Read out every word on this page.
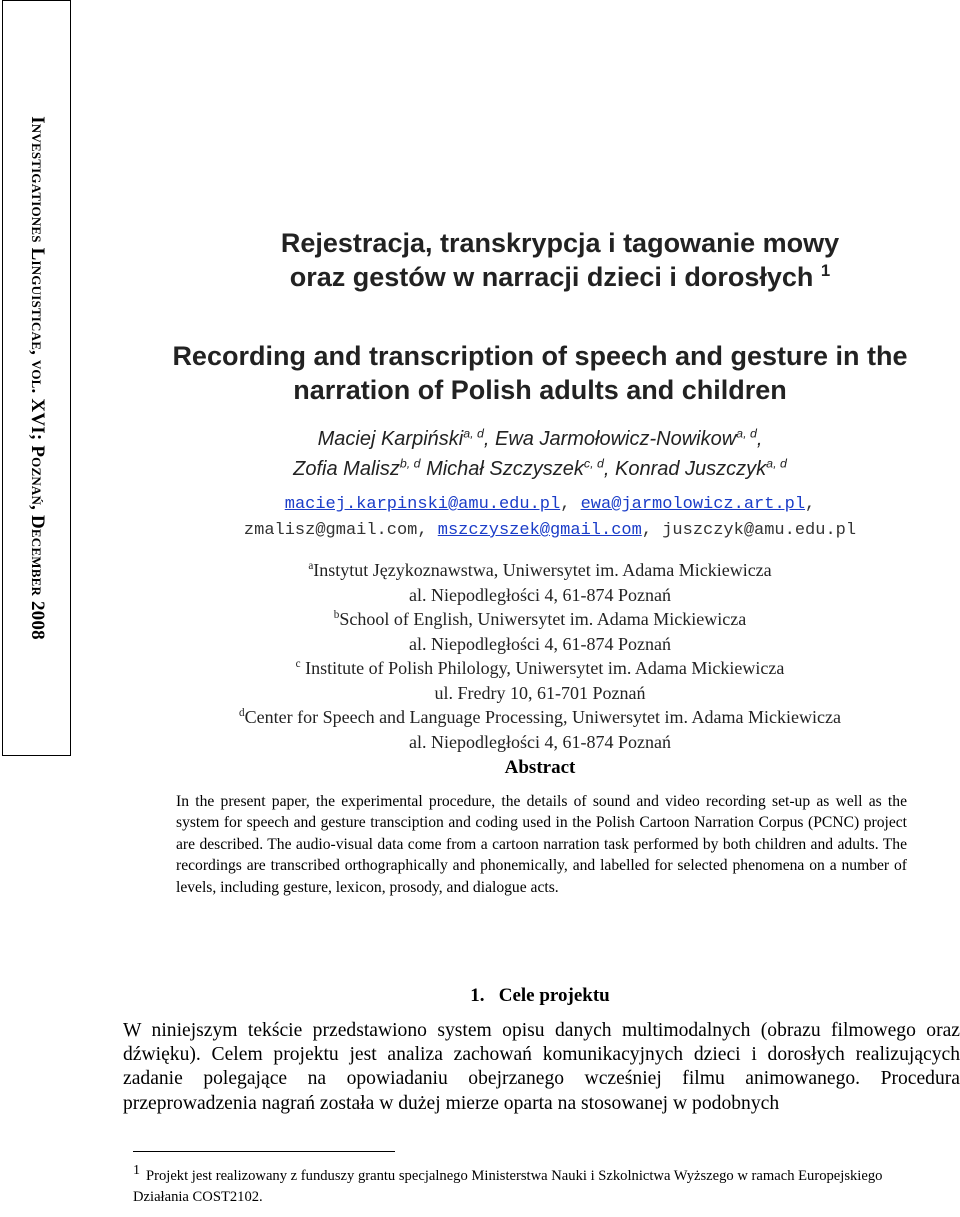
Investigationes Linguisticae, vol. XVI; Poznań, December 2008	Rejestracja, transkrypcja i tagowanie mowy
oraz gestów w narracji dzieci i dorosłych $^1$
Recording and transcription of speech and gesture in the
narration of Polish adults and children
Maciej Karpiński$^{a, d}$, Ewa Jarmołowicz-Nowikow$^{a, d}$,
Zofia Malisz$^{b, d}$ Michał Szczyszek$^{c, d}$, Konrad Juszczyk$^{a, d}$
maciej.karpinski@amu.edu.pl, ewa@jarmolowicz.art.pl,
zmalisz@gmail.com, mszczyszek@gmail.com, juszczyk@amu.edu.pl
$^a$Instytut Językoznawstwa, Uniwersytet im. Adama Mickiewicza
al. Niepodległości 4, 61-874 Poznań
$^b$School of English, Uniwersytet im. Adama Mickiewicza
al. Niepodległości 4, 61-874 Poznań
$^c$ Institute of Polish Philology, Uniwersytet im. Adama Mickiewicza
ul. Fredry 10, 61-701 Poznań
$^d$Center for Speech and Language Processing, Uniwersytet im. Adama Mickiewicza
al. Niepodległości 4, 61-874 Poznań
Abstract
In the present paper, the experimental procedure, the details of sound and video recording set-up as well as the system for speech and gesture transciption and coding used in the Polish Cartoon Narration Corpus (PCNC) project are described. The audio-visual data come from a cartoon narration task performed by both children and adults. The recordings are transcribed orthographically and phonemically, and labelled for selected phenomena on a number of levels, including gesture, lexicon, prosody, and dialogue acts.
1.   Cele projektu
W niniejszym tekście przedstawiono system opisu danych multimodalnych (obrazu filmowego oraz dźwięku). Celem projektu jest analiza zachowań komunikacyjnych dzieci i dorosłych realizujących zadanie polegające na opowiadaniu obejrzanego wcześniej filmu animowanego. Procedura przeprowadzenia nagrań została w dużej mierze oparta na stosowanej w podobnych
1 Projekt jest realizowany z funduszy grantu specjalnego Ministerstwa Nauki i Szkolnictwa Wyższego w ramach Europejskiego Działania COST2102.
